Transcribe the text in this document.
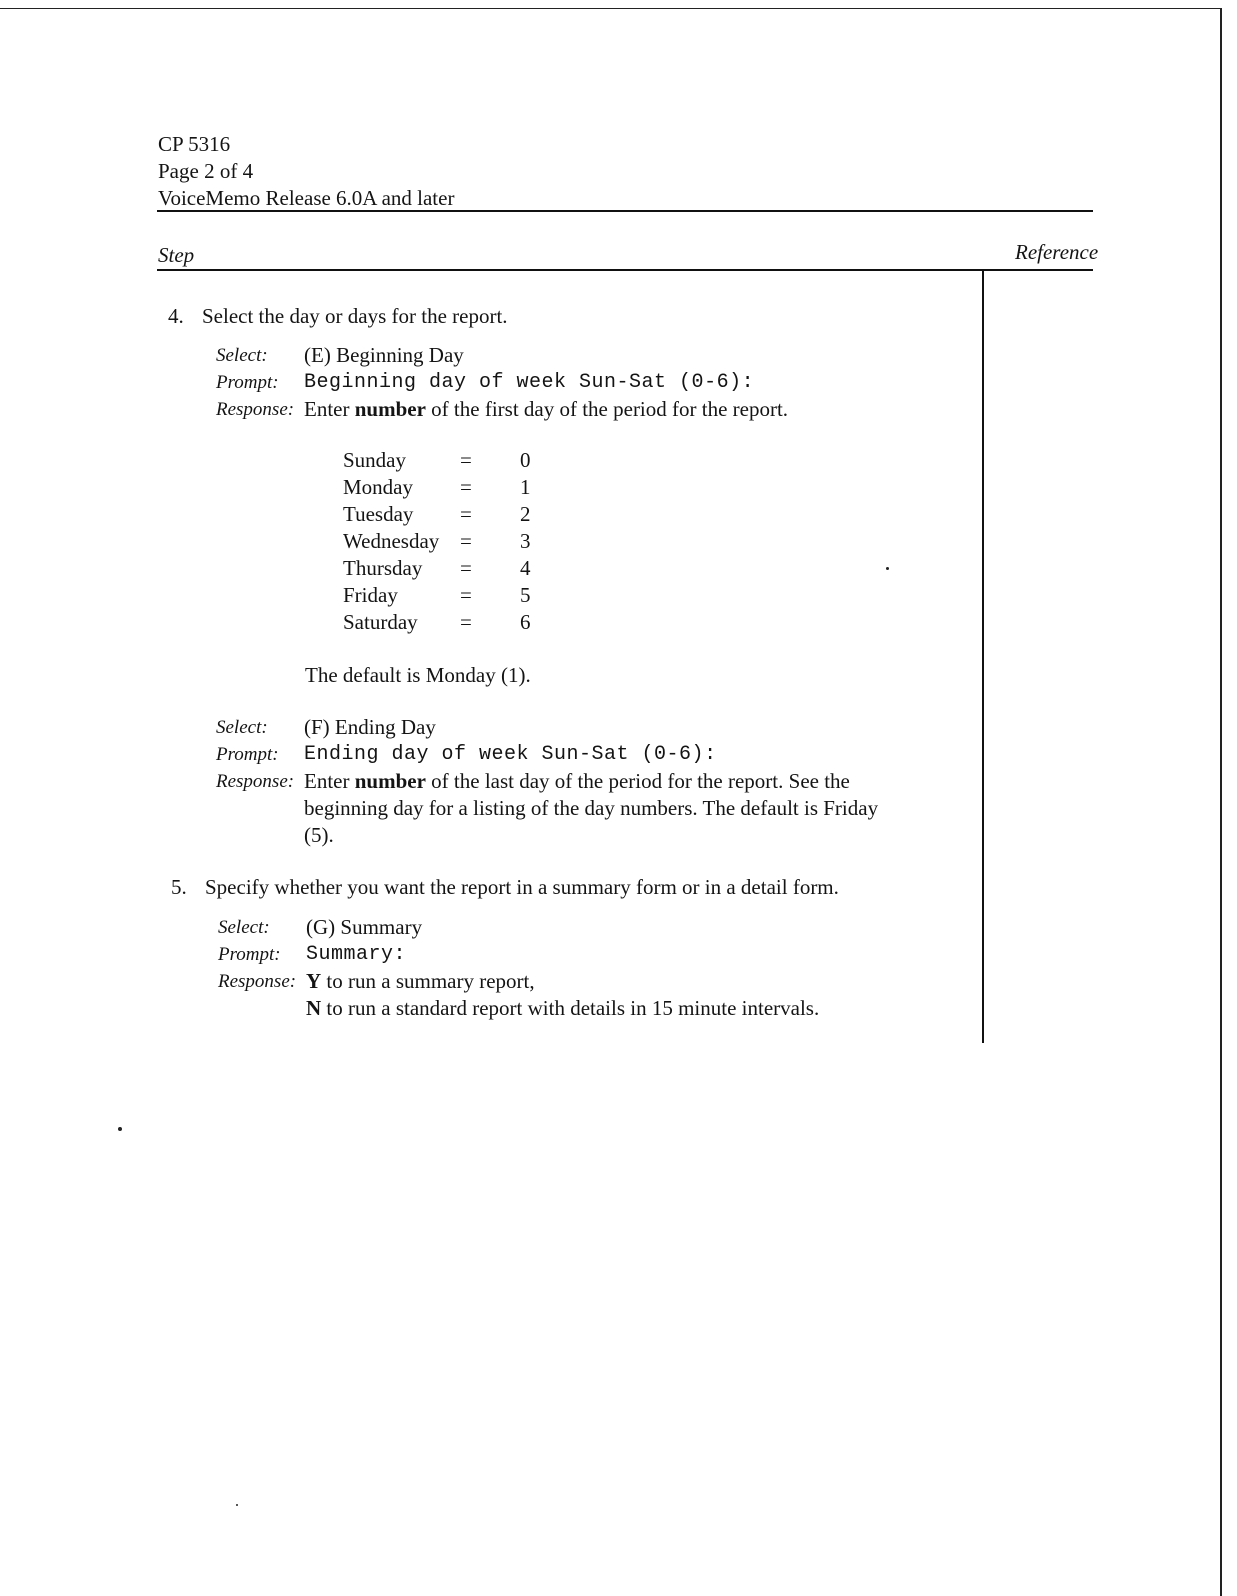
CP 5316
Page 2 of 4
VoiceMemo Release 6.0A and later
Step	Reference
4. Select the day or days for the report.
Select:	(E) Beginning Day
Prompt:	Beginning day of week Sun-Sat (0-6):
Response: Enter number of the first day of the period for the report.
Sunday	=	0
Monday	=	1
Tuesday	=	2
Wednesday	=	3
Thursday	=	4
Friday	=	5
Saturday	=	6
The default is Monday (1).
Select:	(F) Ending Day
Prompt:	Ending day of week Sun-Sat (0-6):
Response: Enter number of the last day of the period for the report. See the
beginning day for a listing of the day numbers. The default is Friday
(5).
5. Specify whether you want the report in a summary form or in a detail form.
Select:	(G) Summary
Prompt:	Summary:
Response: Y to run a summary report,
N to run a standard report with details in 15 minute intervals.
